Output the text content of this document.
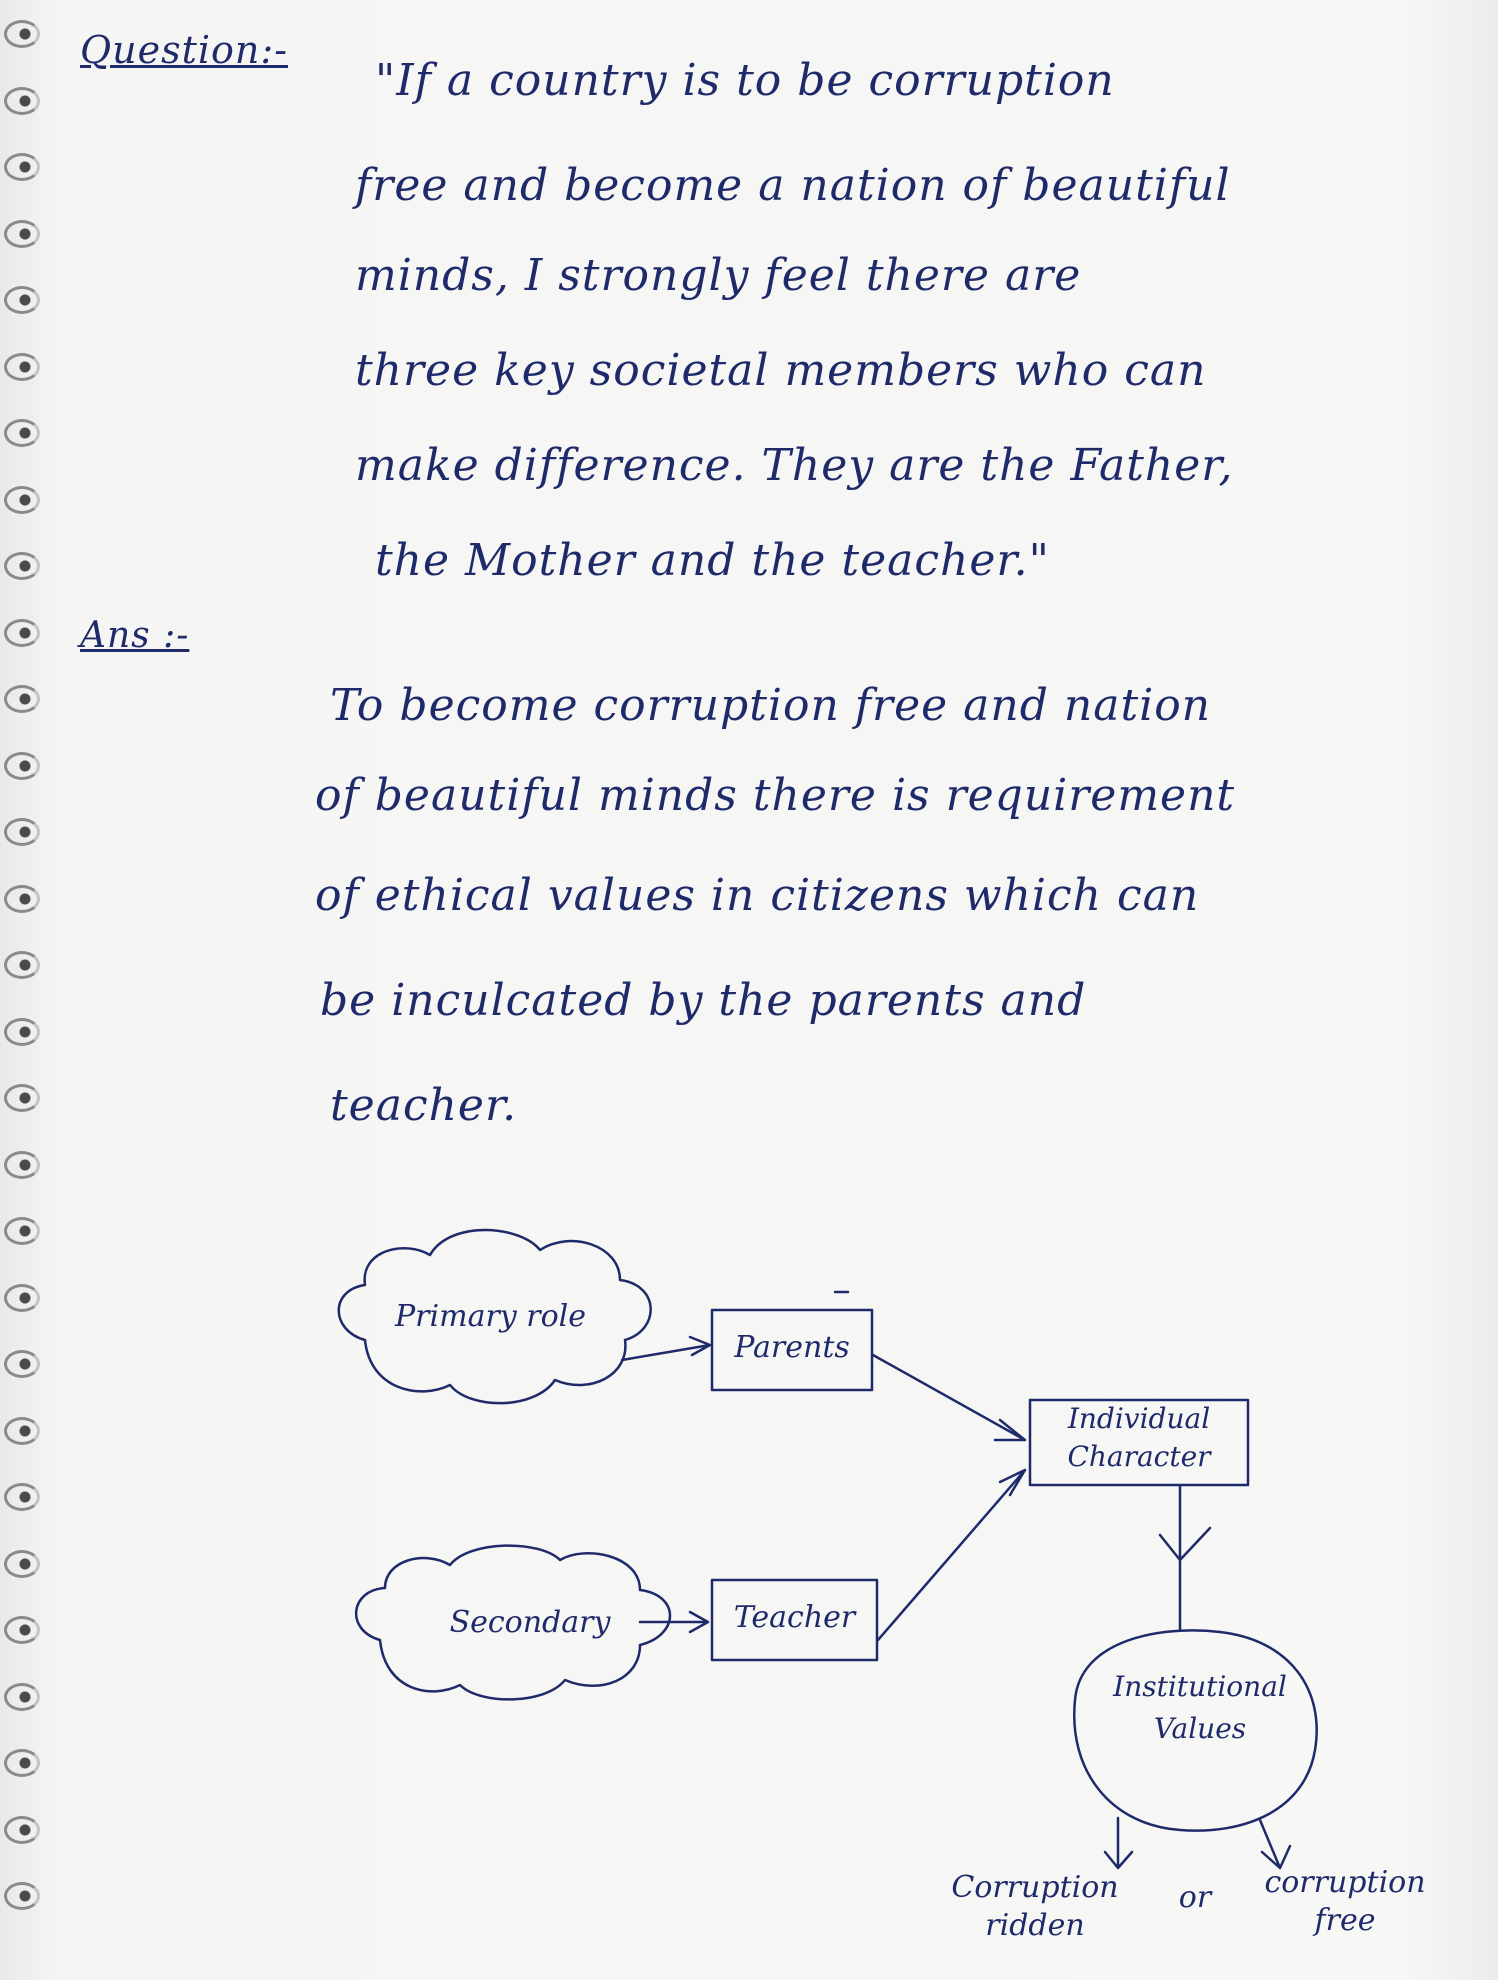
Question:-
"If a country is to be corruption
free and become a nation of beautiful
minds, I strongly feel there are
three key societal members who can
make difference. They are the Father,
the Mother and the teacher."
Ans :-
To become corruption free and nation
of beautiful minds there is requirement
of ethical values in citizens which can
be inculcated by the parents and
teacher.
Primary role
Parents
Individual
Character
Secondary	Teacher
Institutional
Values
Corruption
ridden
or	corruption
free
